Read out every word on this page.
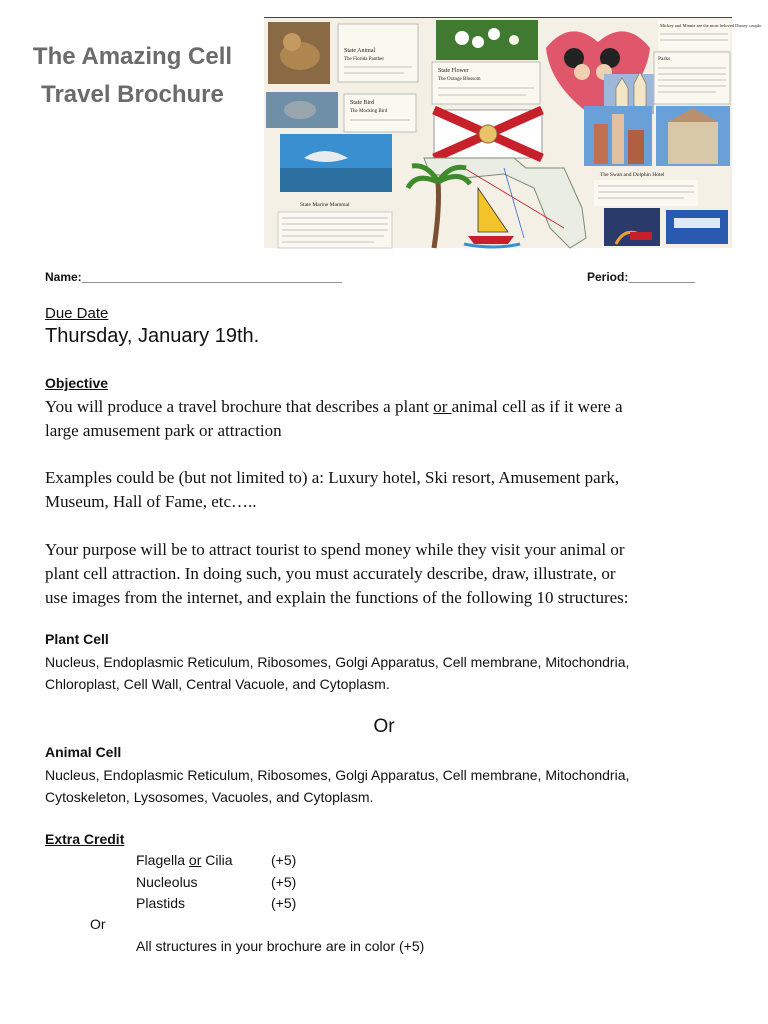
The Amazing Cell
Travel Brochure
State Animal
The Florida Panther
State Bird
The Mocking Bird
State Marine Mammal
State Flower
The Orange Blossom
Mickey and Minnie are the most beloved Disney couple.
Parks
The Swan and Dolphin Hotel
Name:_______________________________________	Period:__________
Due Date
Thursday, January 19th.
Objective
You will produce a travel brochure that describes a plant or animal cell as if it were a
large amusement park or attraction
Examples could be (but not limited to) a: Luxury hotel, Ski resort, Amusement park,
Museum, Hall of Fame, etc…..
Your purpose will be to attract tourist to spend money while they visit your animal or
plant cell attraction. In doing such, you must accurately describe, draw, illustrate, or
use images from the internet, and explain the functions of the following 10 structures:
Plant Cell
Nucleus, Endoplasmic Reticulum, Ribosomes, Golgi Apparatus, Cell membrane, Mitochondria,
Chloroplast, Cell Wall, Central Vacuole, and Cytoplasm.
Or
Animal Cell
Nucleus, Endoplasmic Reticulum, Ribosomes, Golgi Apparatus, Cell membrane, Mitochondria,
Cytoskeleton, Lysosomes, Vacuoles, and Cytoplasm.
Extra Credit
Flagella or Cilia	(+5)
Nucleolus	(+5)
Plastids	(+5)
Or
All structures in your brochure are in color (+5)
